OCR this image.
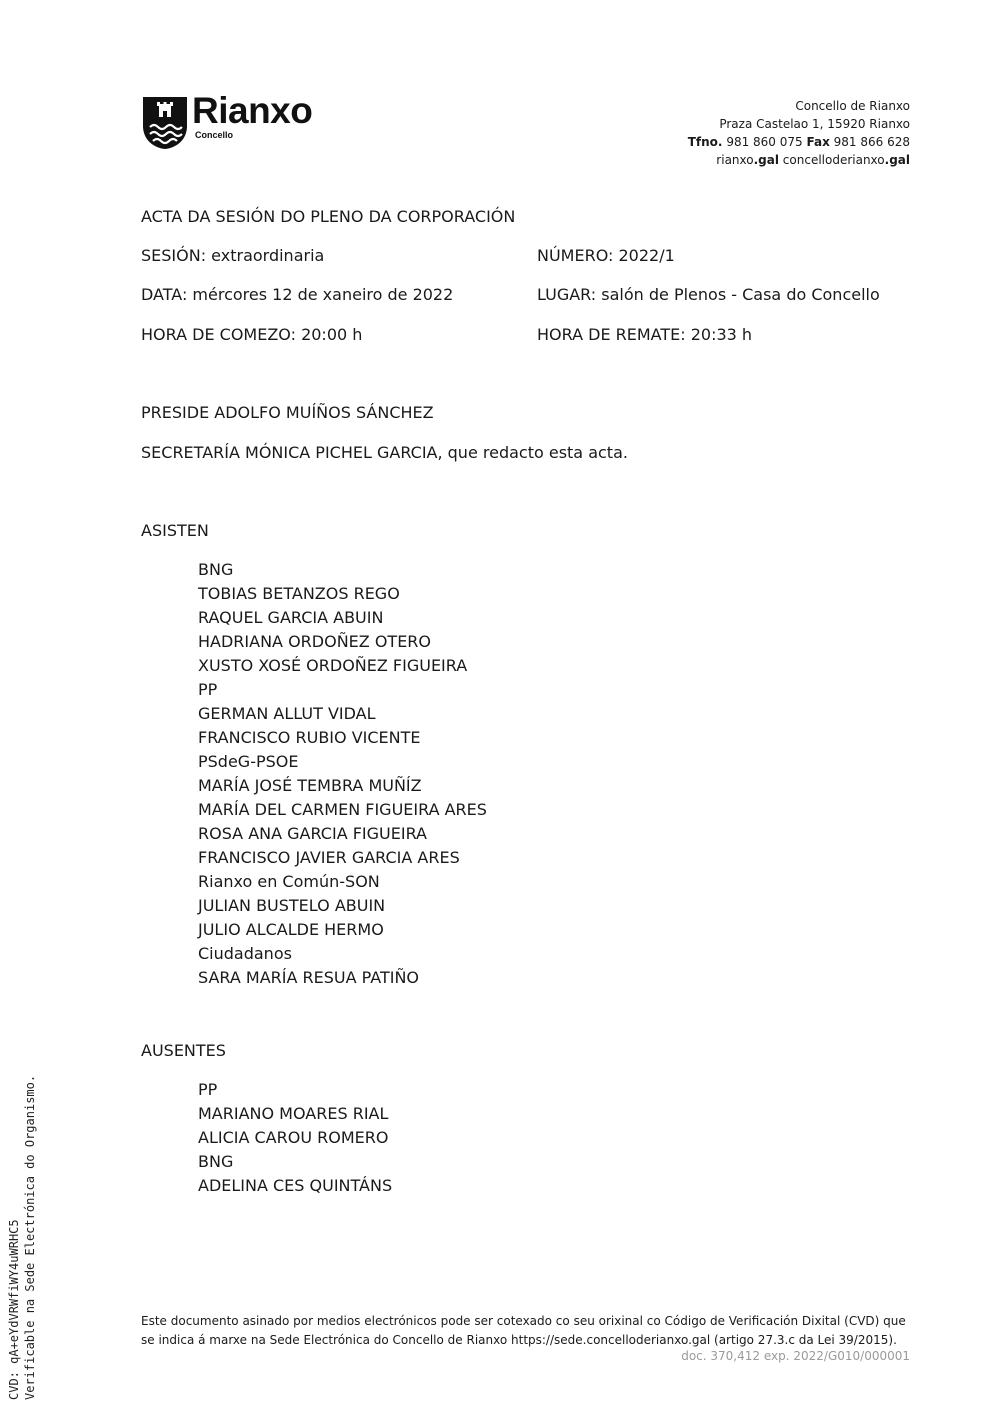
Rianxo
Concello
Concello de Rianxo
Praza Castelao 1, 15920 Rianxo
Tfno. 981 860 075 Fax 981 866 628
rianxo.gal concelloderianxo.gal
ACTA DA SESIÓN DO PLENO DA CORPORACIÓN
SESIÓN: extraordinaria	NÚMERO: 2022/1
DATA: mércores 12 de xaneiro de 2022	LUGAR: salón de Plenos - Casa do Concello
HORA DE COMEZO: 20:00 h	HORA DE REMATE: 20:33 h
PRESIDE ADOLFO MUÍÑOS SÁNCHEZ
SECRETARÍA MÓNICA PICHEL GARCIA, que redacto esta acta.
ASISTEN
BNG
TOBIAS BETANZOS REGO
RAQUEL GARCIA ABUIN
HADRIANA ORDOÑEZ OTERO
XUSTO XOSÉ ORDOÑEZ FIGUEIRA
PP
GERMAN ALLUT VIDAL
FRANCISCO RUBIO VICENTE
PSdeG-PSOE
MARÍA JOSÉ TEMBRA MUÑÍZ
MARÍA DEL CARMEN FIGUEIRA ARES
ROSA ANA GARCIA FIGUEIRA
FRANCISCO JAVIER GARCIA ARES
Rianxo en Común-SON
JULIAN BUSTELO ABUIN
JULIO ALCALDE HERMO
Ciudadanos
SARA MARÍA RESUA PATIÑO
AUSENTES
PP
MARIANO MOARES RIAL
ALICIA CAROU ROMERO
BNG
ADELINA CES QUINTÁNS
Este documento asinado por medios electrónicos pode ser cotexado co seu orixinal co Código de Verificación Dixital (CVD) que se indica á marxe na Sede Electrónica do Concello de Rianxo https://sede.concelloderianxo.gal (artigo 27.3.c da Lei 39/2015).
doc. 370,412 exp. 2022/G010/000001
CVD: qA+eYdVRWfiWY4uWRHC5 Verificable na Sede Electrónica do Organismo.
